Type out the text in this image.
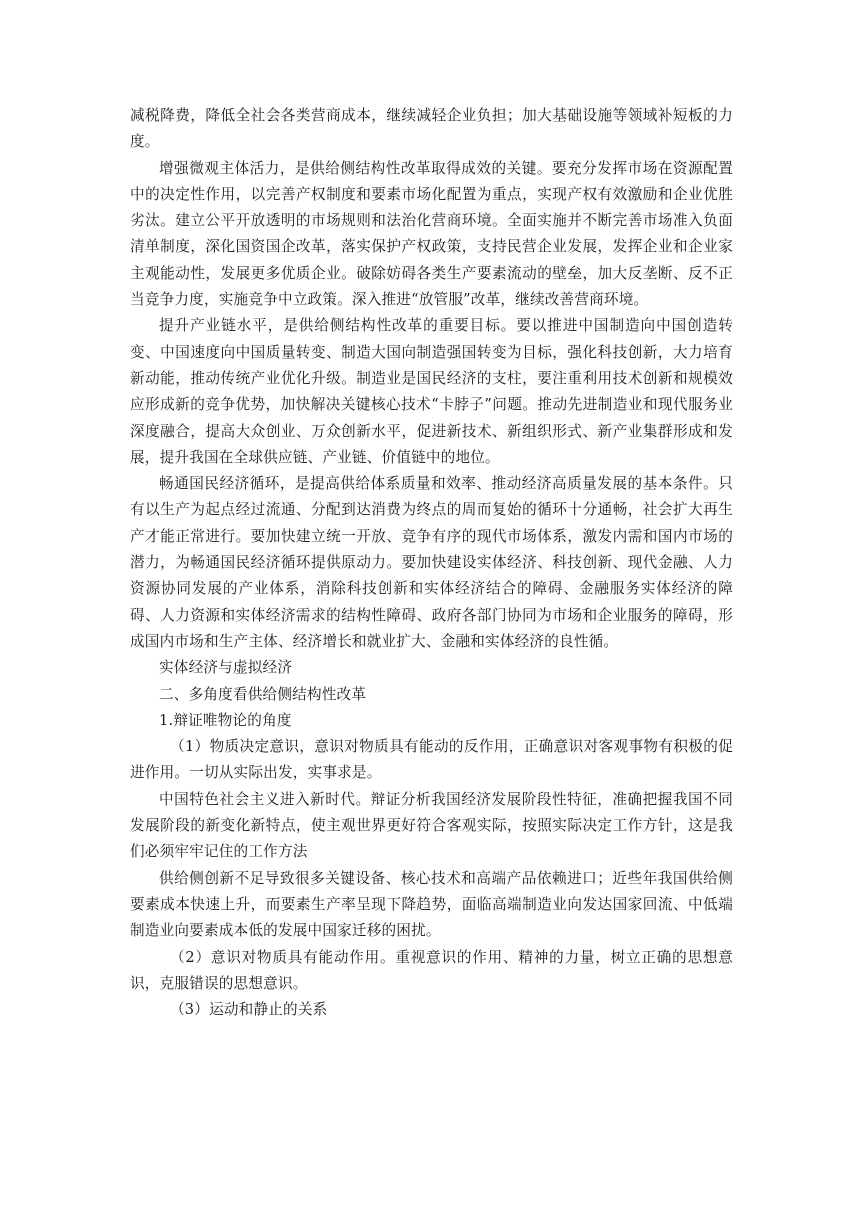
减税降费，降低全社会各类营商成本，继续减轻企业负担；加大基础设施等领域补短板的力度。

增强微观主体活力，是供给侧结构性改革取得成效的关键。要充分发挥市场在资源配置中的决定性作用，以完善产权制度和要素市场化配置为重点，实现产权有效激励和企业优胜劣汰。建立公平开放透明的市场规则和法治化营商环境。全面实施并不断完善市场准入负面清单制度，深化国资国企改革，落实保护产权政策，支持民营企业发展，发挥企业和企业家主观能动性，发展更多优质企业。破除妨碍各类生产要素流动的壁垒，加大反垄断、反不正当竞争力度，实施竞争中立政策。深入推进“放管服”改革，继续改善营商环境。

提升产业链水平，是供给侧结构性改革的重要目标。要以推进中国制造向中国创造转变、中国速度向中国质量转变、制造大国向制造强国转变为目标，强化科技创新，大力培育新动能，推动传统产业优化升级。制造业是国民经济的支柱，要注重利用技术创新和规模效应形成新的竞争优势，加快解决关键核心技术“卡脖子”问题。推动先进制造业和现代服务业深度融合，提高大众创业、万众创新水平，促进新技术、新组织形式、新产业集群形成和发展，提升我国在全球供应链、产业链、价值链中的地位。

畅通国民经济循环，是提高供给体系质量和效率、推动经济高质量发展的基本条件。只有以生产为起点经过流通、分配到达消费为终点的周而复始的循环十分通畅，社会扩大再生产才能正常进行。要加快建立统一开放、竞争有序的现代市场体系，激发内需和国内市场的潜力，为畅通国民经济循环提供原动力。要加快建设实体经济、科技创新、现代金融、人力资源协同发展的产业体系，消除科技创新和实体经济结合的障碍、金融服务实体经济的障碍、人力资源和实体经济需求的结构性障碍、政府各部门协同为市场和企业服务的障碍，形成国内市场和生产主体、经济增长和就业扩大、金融和实体经济的良性循。

实体经济与虚拟经济

二、多角度看供给侧结构性改革

1.辩证唯物论的角度

（1）物质决定意识，意识对物质具有能动的反作用，正确意识对客观事物有积极的促进作用。一切从实际出发，实事求是。

中国特色社会主义进入新时代。辩证分析我国经济发展阶段性特征，准确把握我国不同发展阶段的新变化新特点，使主观世界更好符合客观实际，按照实际决定工作方针，这是我们必须牢牢记住的工作方法

供给侧创新不足导致很多关键设备、核心技术和高端产品依赖进口；近些年我国供给侧要素成本快速上升，而要素生产率呈现下降趋势，面临高端制造业向发达国家回流、中低端制造业向要素成本低的发展中国家迁移的困扰。

（2）意识对物质具有能动作用。重视意识的作用、精神的力量，树立正确的思想意识，克服错误的思想意识。

（3）运动和静止的关系
